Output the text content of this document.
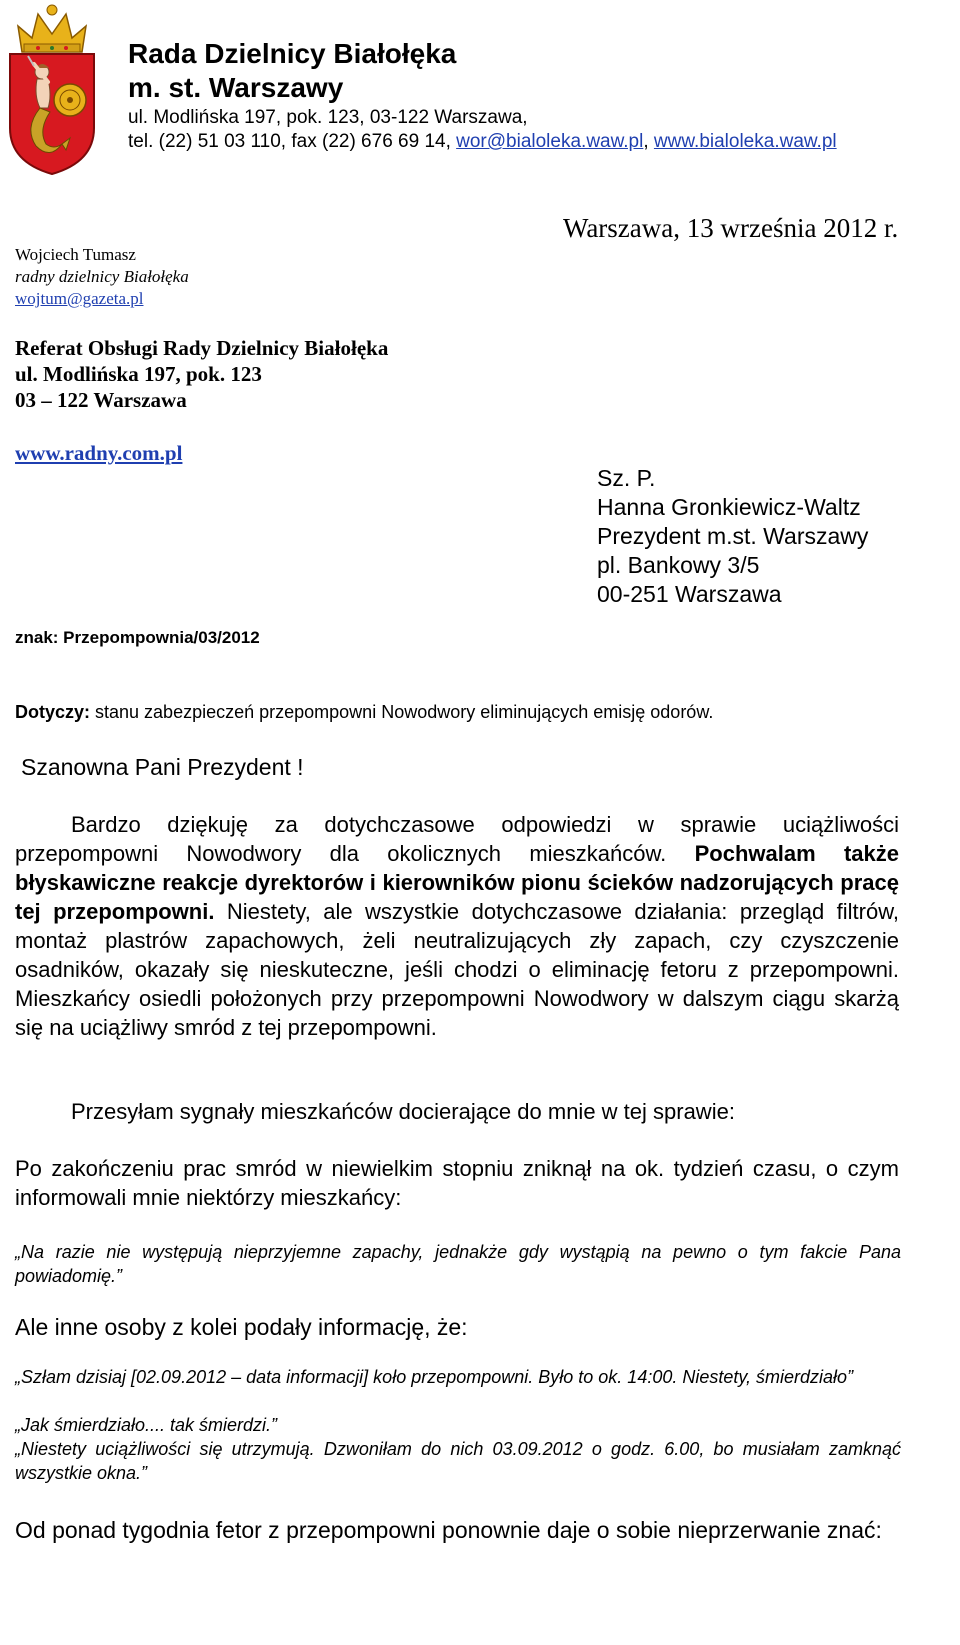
Rada Dzielnicy Białołęka
m. st. Warszawy
ul. Modlińska 197, pok. 123, 03-122 Warszawa,
tel. (22) 51 03 110, fax (22) 676 69 14, wor@bialoleka.waw.pl, www.bialoleka.waw.pl
Wojciech Tumasz
radny dzielnicy Białołęka
wojtum@gazeta.pl
Warszawa, 13 września 2012 r.
Referat Obsługi Rady Dzielnicy Białołęka
ul. Modlińska 197, pok. 123
03 – 122 Warszawa
www.radny.com.pl
Sz. P.
Hanna Gronkiewicz-Waltz
Prezydent m.st. Warszawy
pl. Bankowy 3/5
00-251 Warszawa
znak: Przepompownia/03/2012
Dotyczy: stanu zabezpieczeń przepompowni Nowodwory eliminujących emisję odorów.
Szanowna Pani Prezydent !
Bardzo dziękuję za dotychczasowe odpowiedzi w sprawie uciążliwości przepompowni Nowodwory dla okolicznych mieszkańców. Pochwalam także błyskawiczne reakcje dyrektorów i kierowników pionu ścieków nadzorujących pracę tej przepompowni. Niestety, ale wszystkie dotychczasowe działania: przegląd filtrów, montaż plastrów zapachowych, żeli neutralizujących zły zapach, czy czyszczenie osadników, okazały się nieskuteczne, jeśli chodzi o eliminację fetoru z przepompowni. Mieszkańcy osiedli położonych przy przepompowni Nowodwory w dalszym ciągu skarżą się na uciążliwy smród z tej przepompowni.
Przesyłam sygnały mieszkańców docierające do mnie w tej sprawie:
Po zakończeniu prac smród w niewielkim stopniu zniknął na ok. tydzień czasu, o czym informowali mnie niektórzy mieszkańcy:
„Na razie nie występują nieprzyjemne zapachy, jednakże gdy wystąpią na pewno o tym fakcie Pana powiadomię.”
Ale inne osoby z kolei podały informację, że:
„Szłam dzisiaj [02.09.2012 – data informacji] koło przepompowni. Było to ok. 14:00. Niestety, śmierdziało”
„Jak śmierdziało.... tak śmierdzi.”
„Niestety uciążliwości się utrzymują. Dzwoniłam do nich 03.09.2012 o godz. 6.00, bo musiałam zamknąć wszystkie okna.”
Od ponad tygodnia fetor z przepompowni ponownie daje o sobie nieprzerwanie znać:
